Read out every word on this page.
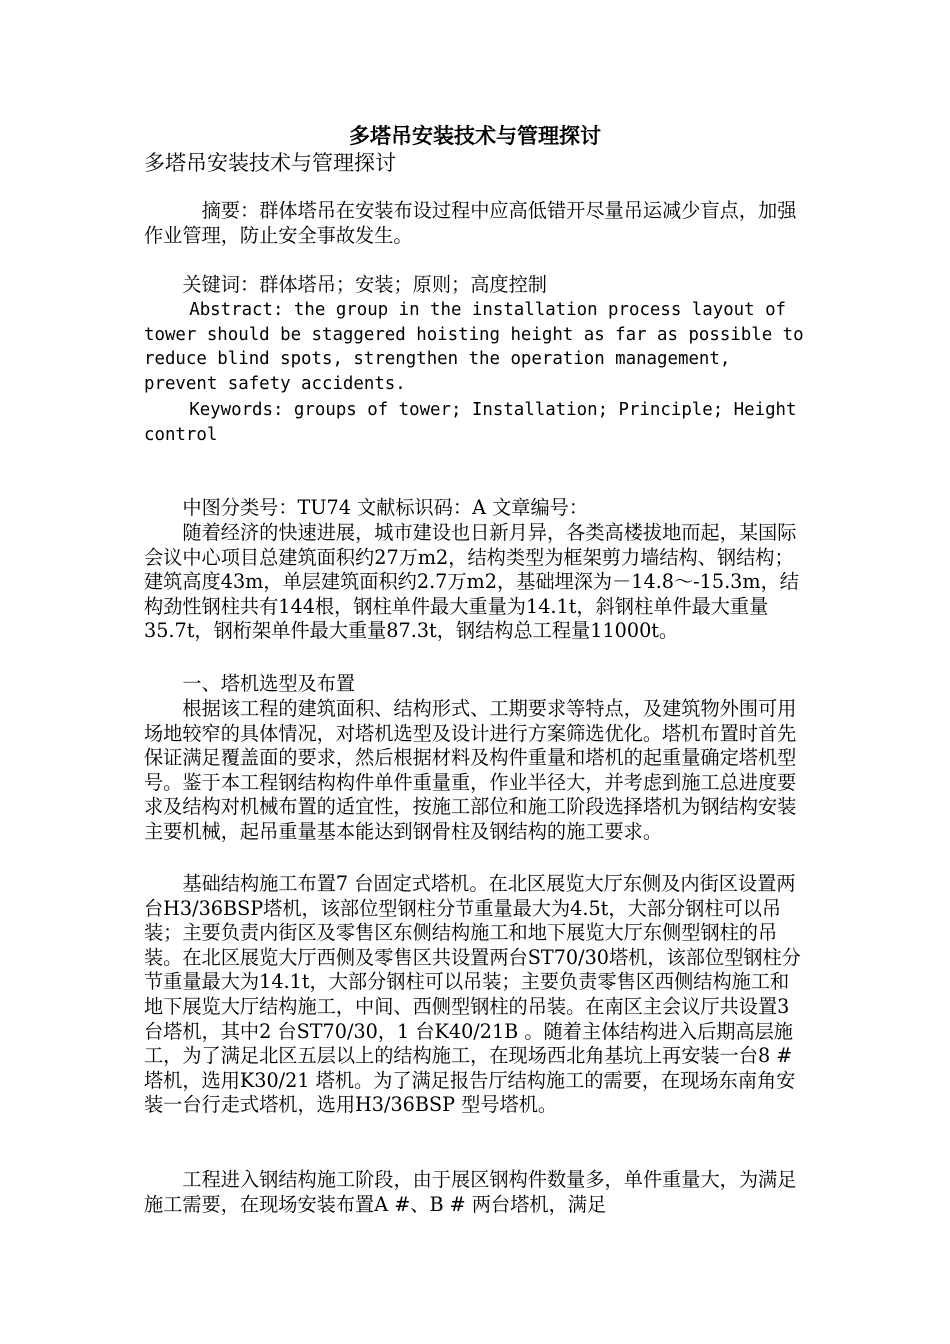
多塔吊安装技术与管理探讨
多塔吊安装技术与管理探讨

摘要：群体塔吊在安装布设过程中应高低错开尽量吊运减少盲点，加强作业管理，防止安全事故发生。

关键词：群体塔吊；安装；原则；高度控制

Abstract: the group in the installation process layout of tower should be staggered hoisting height as far as possible to reduce blind spots, strengthen the operation management, prevent safety accidents.

Keywords: groups of tower; Installation; Principle; Height control

中图分类号：TU74 文献标识码：A 文章编号：

随着经济的快速进展，城市建设也日新月异，各类高楼拔地而起，某国际会议中心项目总建筑面积约27万m2，结构类型为框架剪力墙结构、钢结构；建筑高度43m，单层建筑面积约2.7万m2，基础埋深为－14.8～-15.3m，结构劲性钢柱共有144根，钢柱单件最大重量为14.1t，斜钢柱单件最大重量35.7t，钢桁架单件最大重量87.3t，钢结构总工程量11000t。

一、塔机选型及布置

根据该工程的建筑面积、结构形式、工期要求等特点，及建筑物外围可用场地较窄的具体情况，对塔机选型及设计进行方案筛选优化。塔机布置时首先保证满足覆盖面的要求，然后根据材料及构件重量和塔机的起重量确定塔机型号。鉴于本工程钢结构构件单件重量重，作业半径大，并考虑到施工总进度要求及结构对机械布置的适宜性，按施工部位和施工阶段选择塔机为钢结构安装主要机械，起吊重量基本能达到钢骨柱及钢结构的施工要求。

基础结构施工布置7 台固定式塔机。在北区展览大厅东侧及内街区设置两台H3/36BSP塔机，该部位型钢柱分节重量最大为4.5t，大部分钢柱可以吊装；主要负责内街区及零售区东侧结构施工和地下展览大厅东侧型钢柱的吊装。在北区展览大厅西侧及零售区共设置两台ST70/30塔机，该部位型钢柱分节重量最大为14.1t，大部分钢柱可以吊装；主要负责零售区西侧结构施工和地下展览大厅结构施工，中间、西侧型钢柱的吊装。在南区主会议厅共设置3 台塔机，其中2 台ST70/30，1 台K40/21B 。随着主体结构进入后期高层施工，为了满足北区五层以上的结构施工，在现场西北角基坑上再安装一台8 # 塔机，选用K30/21 塔机。为了满足报告厅结构施工的需要，在现场东南角安装一台行走式塔机，选用H3/36BSP 型号塔机。

工程进入钢结构施工阶段，由于展区钢构件数量多，单件重量大，为满足施工需要，在现场安装布置A #、B # 两台塔机，满足
